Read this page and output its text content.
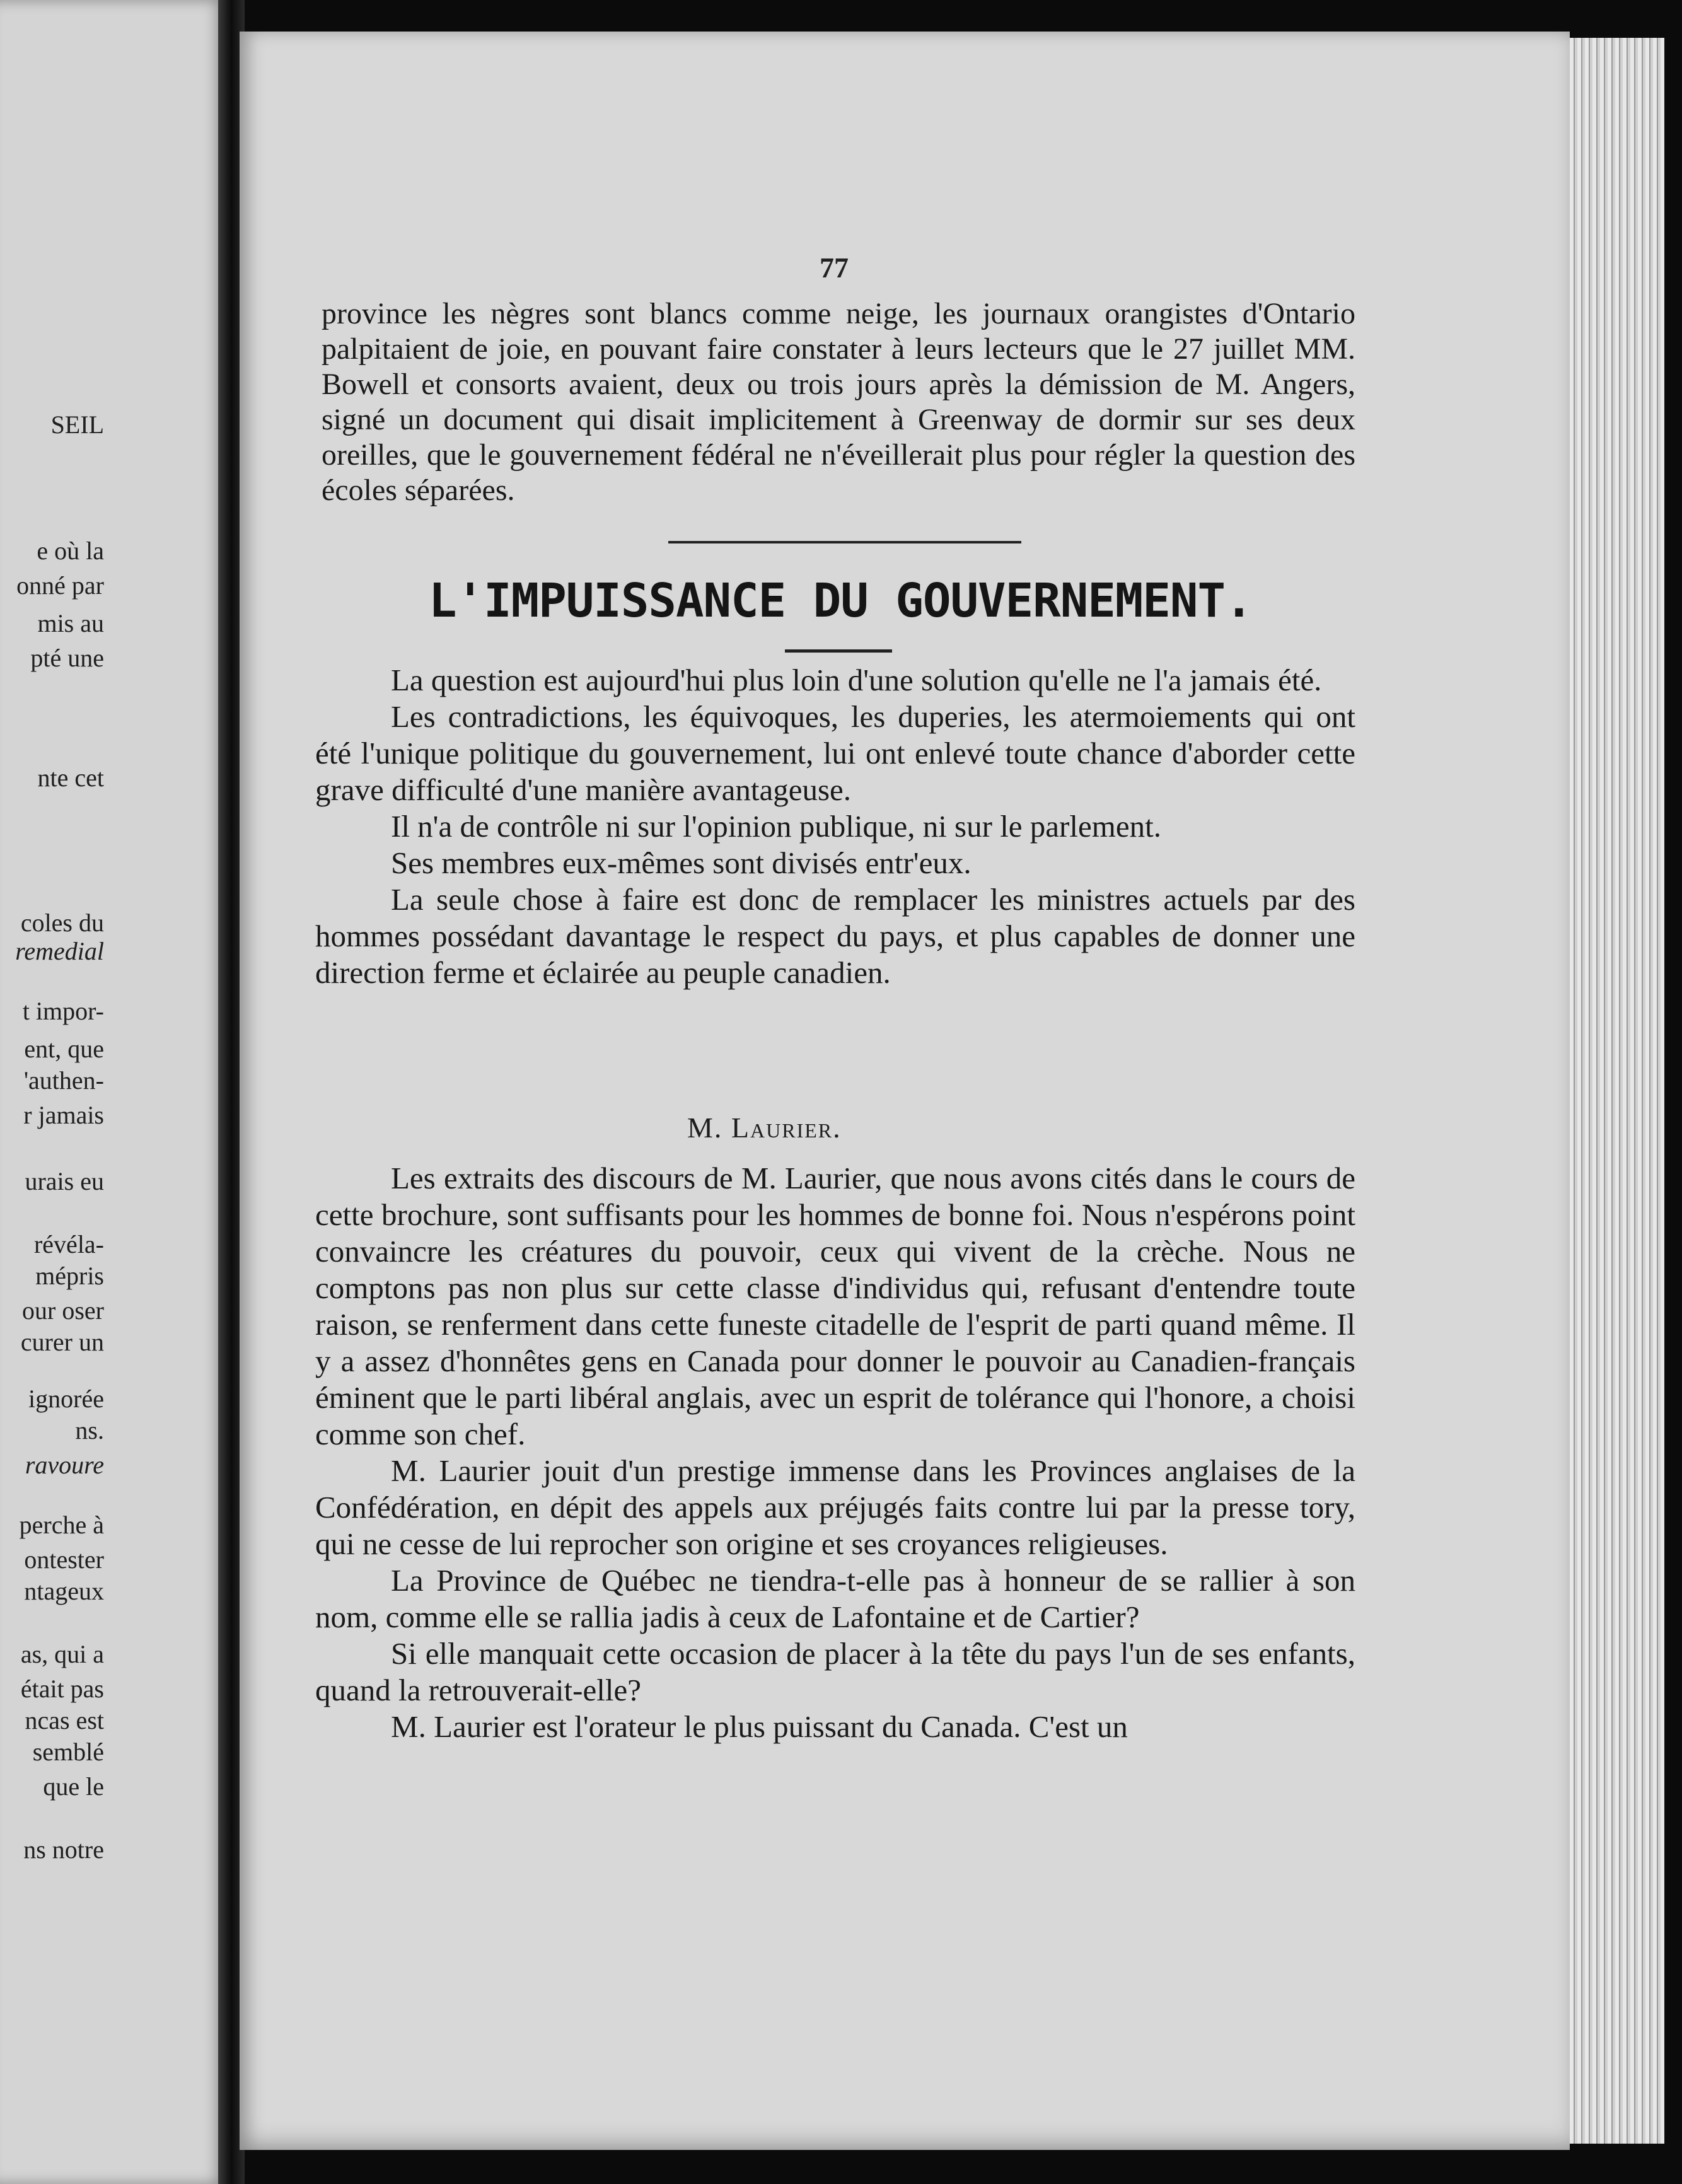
SEIL
e où la
onné par
mis au
pté une
nte cet
coles du
remedial
t impor-
ent, que
'authen-
r jamais
urais eu
révéla-
mépris
our oser
curer un
ignorée
ns.
ravoure
perche à
ontester
ntageux
as, qui a
était pas
ncas est
semblé
que le
ns notre
77
province les nègres sont blancs comme neige, les journaux orangistes d'Ontario palpitaient de joie, en pouvant faire constater à leurs lecteurs que le 27 juillet MM. Bowell et consorts avaient, deux ou trois jours après la démission de M. Angers, signé un document qui disait implicitement à Greenway de dormir sur ses deux oreilles, que le gouvernement fédéral ne n'éveillerait plus pour régler la question des écoles séparées.
L'IMPUISSANCE DU GOUVERNEMENT.

La question est aujourd'hui plus loin d'une solution qu'elle ne l'a jamais été.

Les contradictions, les équivoques, les duperies, les atermoiements qui ont été l'unique politique du gouvernement, lui ont enlevé toute chance d'aborder cette grave difficulté d'une manière avantageuse.

Il n'a de contrôle ni sur l'opinion publique, ni sur le parlement.

Ses membres eux-mêmes sont divisés entr'eux.

La seule chose à faire est donc de remplacer les ministres actuels par des hommes possédant davantage le respect du pays, et plus capables de donner une direction ferme et éclairée au peuple canadien.

M. Laurier.

Les extraits des discours de M. Laurier, que nous avons cités dans le cours de cette brochure, sont suffisants pour les hommes de bonne foi. Nous n'espérons point convaincre les créatures du pouvoir, ceux qui vivent de la crèche. Nous ne comptons pas non plus sur cette classe d'individus qui, refusant d'entendre toute raison, se renferment dans cette funeste citadelle de l'esprit de parti quand même. Il y a assez d'honnêtes gens en Canada pour donner le pouvoir au Canadien-français éminent que le parti libéral anglais, avec un esprit de tolérance qui l'honore, a choisi comme son chef.

M. Laurier jouit d'un prestige immense dans les Provinces anglaises de la Confédération, en dépit des appels aux préjugés faits contre lui par la presse tory, qui ne cesse de lui reprocher son origine et ses croyances religieuses.

La Province de Québec ne tiendra-t-elle pas à honneur de se rallier à son nom, comme elle se rallia jadis à ceux de Lafontaine et de Cartier?

Si elle manquait cette occasion de placer à la tête du pays l'un de ses enfants, quand la retrouverait-elle?

M. Laurier est l'orateur le plus puissant du Canada. C'est un
